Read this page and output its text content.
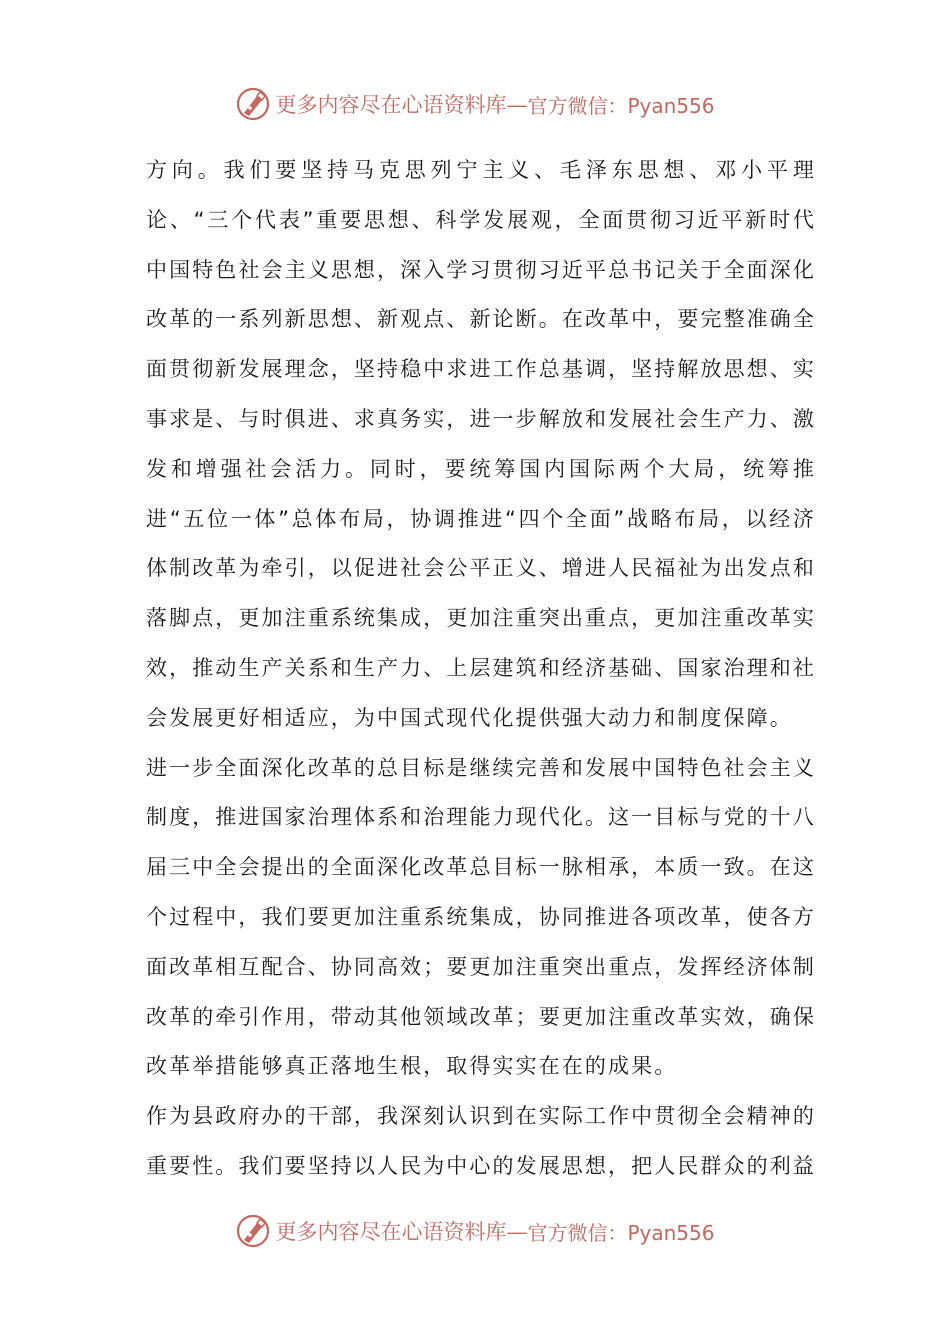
更多内容尽在心语资料库— 官方微信：Pyan556

方向。我们要坚持马克思列宁主义、毛泽东思想、邓小平理论、“三个代表”重要思想、科学发展观，全面贯彻习近平新时代中国特色社会主义思想，深入学习贯彻习近平总书记关于全面深化改革的一系列新思想、新观点、新论断。在改革中，要完整准确全面贯彻新发展理念，坚持稳中求进工作总基调，坚持解放思想、实事求是、与时俱进、求真务实，进一步解放和发展社会生产力、激发和增强社会活力。同时，要统筹国内国际两个大局，统筹推进“五位一体”总体布局，协调推进“四个全面”战略布局，以经济体制改革为牵引，以促进社会公平正义、增进人民福祉为出发点和落脚点，更加注重系统集成，更加注重突出重点，更加注重改革实效，推动生产关系和生产力、上层建筑和经济基础、国家治理和社会发展更好相适应，为中国式现代化提供强大动力和制度保障。

进一步全面深化改革的总目标是继续完善和发展中国特色社会主义制度，推进国家治理体系和治理能力现代化。这一目标与党的十八届三中全会提出的全面深化改革总目标一脉相承，本质一致。在这个过程中，我们要更加注重系统集成，协同推进各项改革，使各方面改革相互配合、协同高效；要更加注重突出重点，发挥经济体制改革的牵引作用，带动其他领域改革；要更加注重改革实效，确保改革举措能够真正落地生根，取得实实在在的成果。

作为县政府办的干部，我深刻认识到在实际工作中贯彻全会精神的重要性。我们要坚持以人民为中心的发展思想，把人民群众的利益

更多内容尽在心语资料库— 官方微信：Pyan556
